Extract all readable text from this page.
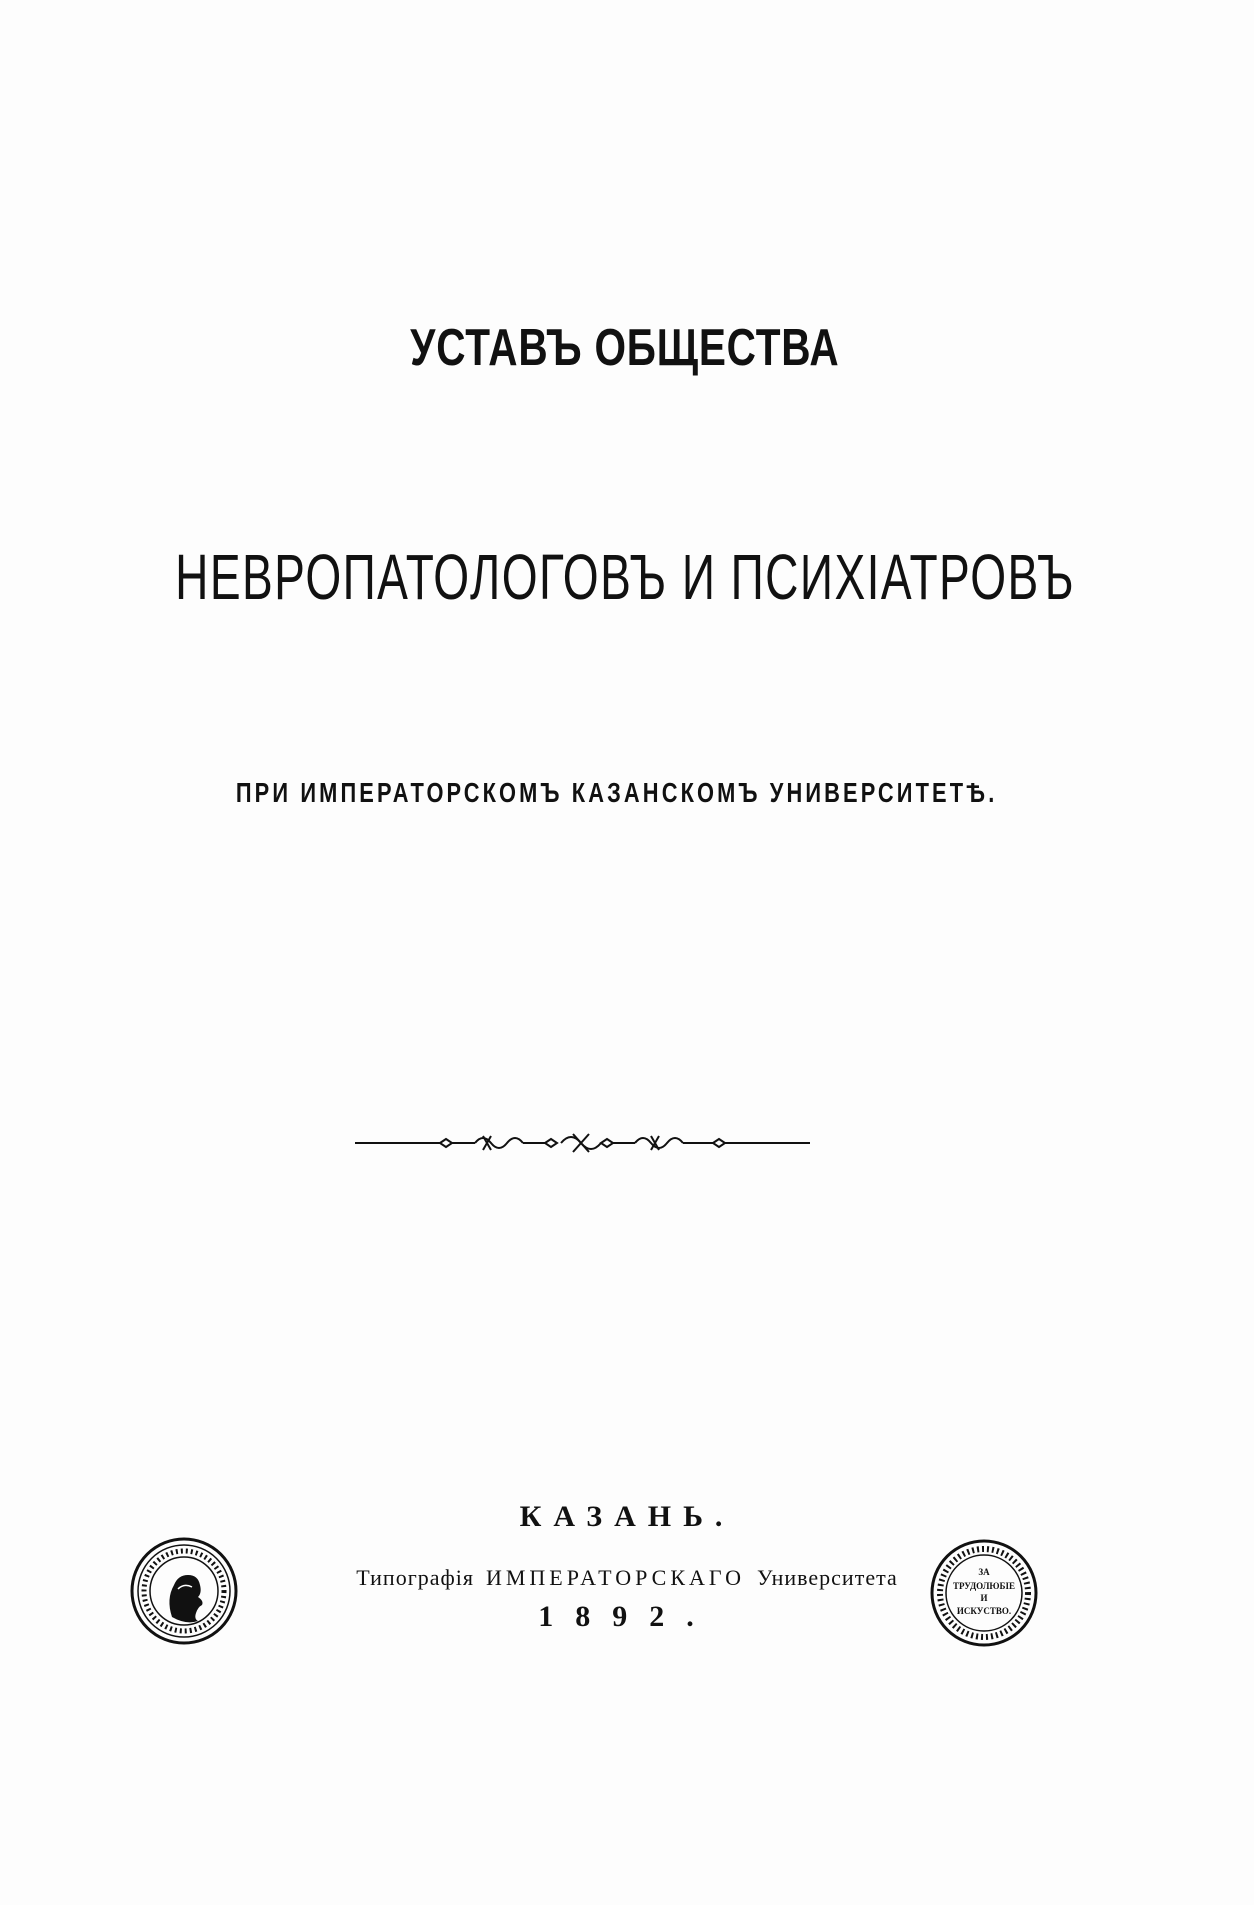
УСТАВЪ ОБЩЕСТВА
НЕВРОПАТОЛОГОВЪ И ПСИХІАТРОВЪ
ПРИ ИМПЕРАТОРСКОМЪ КАЗАНСКОМЪ УНИВЕРСИТЕТѢ.
КАЗАНЬ.
Типографія ИМПЕРАТОРСКАГО Университета
1892.
ЗА
ТРУДОЛЮБІЕ
И
ИСКУСТВО.
